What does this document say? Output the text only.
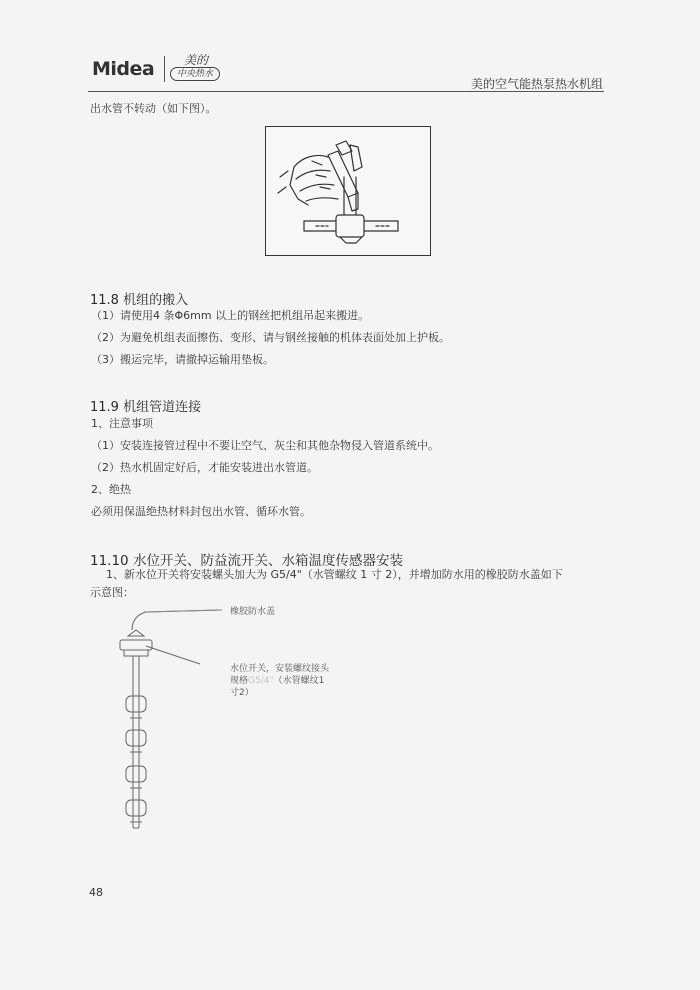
Midea	美的
中央热水
美的空气能热泵热水机组
出水管不转动（如下图）。
11.8 机组的搬入
（1）请使用4 条Φ6mm 以上的钢丝把机组吊起来搬进。
（2）为避免机组表面擦伤、变形、请与钢丝接触的机体表面处加上护板。
（3）搬运完毕，请撤掉运输用垫板。
11.9 机组管道连接
1、注意事项
（1）安装连接管过程中不要让空气、灰尘和其他杂物侵入管道系统中。
（2）热水机固定好后，才能安装进出水管道。
2、绝热
必须用保温绝热材料封包出水管、循环水管。
11.10 水位开关、防益流开关、水箱温度传感器安装
1、新水位开关将安装螺头加大为 G5/4"（水管螺纹 1 寸 2），并增加防水用的橡胶防水盖如下
示意图：
橡胶防水盖
水位开关，安装螺纹接头
规格G5/4"（水管螺纹1
寸2）
48
